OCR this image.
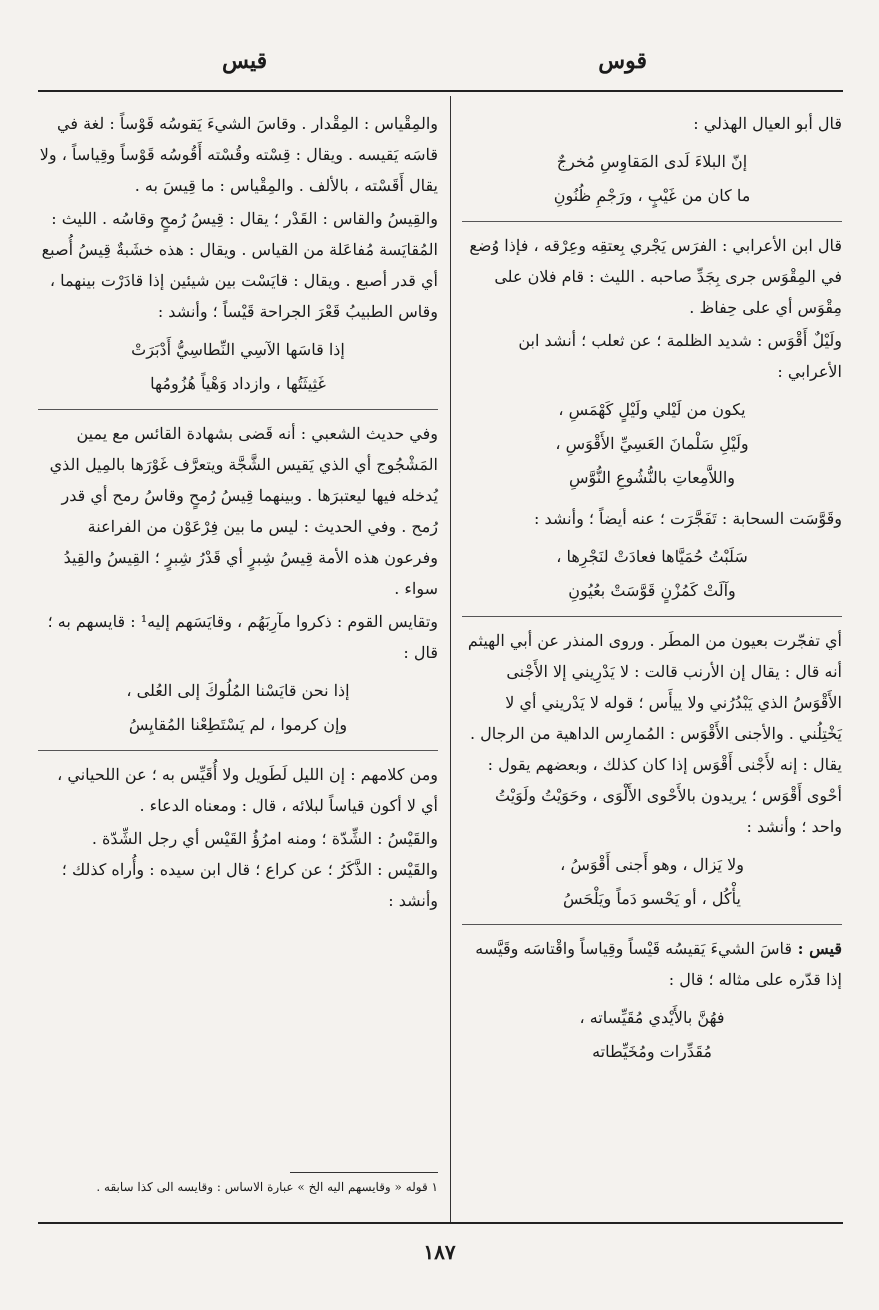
قوس
قيس
قال أبو العيال الهذلي :
إنّ البلاءَ لَدى المَقاوِسِ مُخرجٌ
ما كان من غَيْبٍ ، ورَجْمِ ظُنُونِ
قال ابن الأعرابي : الفرَس يَجْري بِعتقِه وعِرْقه ، فإذا وُضع في المِقْوَس جرى بِجَدِّ صاحبه . الليث : قام فلان على مِقْوَس أي على حِفاظ .
ولَيْلٌ أَقْوَس : شديد الظلمة ؛ عن ثعلب ؛ أنشد ابن الأعرابي :
يكون من لَيْلي ولَيْلٍ كَهْمَسِ ،
ولَيْلِ سَلْمانَ العَسِيِّ الأَقْوَسِ ،
واللاَّمِعاتِ بالنُّشُوعِ النُّوَّسِ
وقَوَّسَت السحابة : تَفَجَّرَت ؛ عنه أيضاً ؛ وأنشد :
سَلَبْتُ حُمَيَّاها فعادَتْ لنَجْرِها ،
وآلَتْ كَمُزْنٍ قَوَّسَتْ بعُيُونِ
أي تفجّرت بعيون من المطَر . وروى المنذر عن أبي الهيثم أنه قال : يقال إن الأرنب قالت : لا يَدْرِيني إلا الأَجْنى الأَقْوَسُ الذي يَبْدُرُني ولا ييأَس ؛ قوله لا يَدْريني أي لا يَخْتِلُني . والأجنى الأَقْوَس : المُمارِس الداهية من الرجال . يقال : إنه لأَجْنى أَقْوَس إذا كان كذلك ، وبعضهم يقول : أحْوى أَقْوَس ؛ يريدون بالأَحْوى الأَلْوَى ، وحَوَيْتُ ولَوَيْتُ واحد ؛ وأنشد :
ولا يَزال ، وهو أَجنى أَقْوَسُ ،
يأْكُل ، أو يَحْسو دَماً ويَلْحَسُ
قيس : قاسَ الشيءَ يَقيسُه قَيْساً وقِياساً واقْتاسَه وقَيَّسه إذا قدّره على مثاله ؛ قال :
فهُنَّ بالأَيْدي مُقَيِّساته ،
مُقَدِّرات ومُخَيِّطاته
والمِقْياس : المِقْدار . وقاسَ الشيءَ يَقوسُه قَوْساً : لغة في قاسَه يَقيسه . ويقال : قِسْته وقُسْته أَقُوسُه قَوْساً وقِياساً ، ولا يقال أَقَسْته ، بالألف . والمِقْياس : ما قِيسَ به .
والقِيسُ والقاس : القَدْر ؛ يقال : قِيسُ رُمحٍ وقاسُه . الليث : المُقايَسة مُفاعَلة من القياس . ويقال : هذه خشَبةٌ قِيسُ أُصبع أي قدر أصبع . ويقال : قايَسْت بين شيئين إذا قادَرْت بينهما ، وقاس الطبيبُ قَعْرَ الجراحة قَيْساً ؛ وأنشد :
إذا قاسَها الآسِي النِّطاسِيُّ أَدْبَرَتْ
غَثِيثَتُها ، وازداد وَهْياً هُزُومُها
وفي حديث الشعبي : أنه قَضى بشهادة القائس مع يمين المَشْجُوج أي الذي يَقيس الشَّجَّة ويتعرَّف غَوْرَها بالمِيل الذي يُدخله فيها ليعتبرَها . وبينهما قِيسُ رُمحٍ وقاسُ رمح أي قدر رُمح . وفي الحديث : ليس ما بين فِرْعَوْن من الفراعنة وفرعون هذه الأمة قِيسُ شِبرٍ أي قَدْرُ شِبرٍ ؛ القِيسُ والقِيدُ سواء .
وتقايس القوم : ذكروا مآرِبَهُم ، وقايَسَهم إليه¹ : قايسهم به ؛ قال :
إذا نحن قايَسْنا المُلُوكَ إلى العُلى ،
وإن كرموا ، لم يَسْتَطِعْنا المُقايِسُ
ومن كلامهم : إن الليل لَطَويل ولا أُقَيِّس به ؛ عن اللحياني ، أي لا أكون قياساً لبلائه ، قال : ومعناه الدعاء .
والقَيْسُ : الشِّدّة ؛ ومنه امرُؤُ القَيْس أي رجل الشِّدّة . والقَيْس : الذَّكَرُ ؛ عن كراع ؛ قال ابن سيده : وأُراه كذلك ؛ وأنشد :
١ قوله « وقايسهم اليه الخ » عبارة الاساس : وقايسه الى كذا سابقه .
١٨٧
